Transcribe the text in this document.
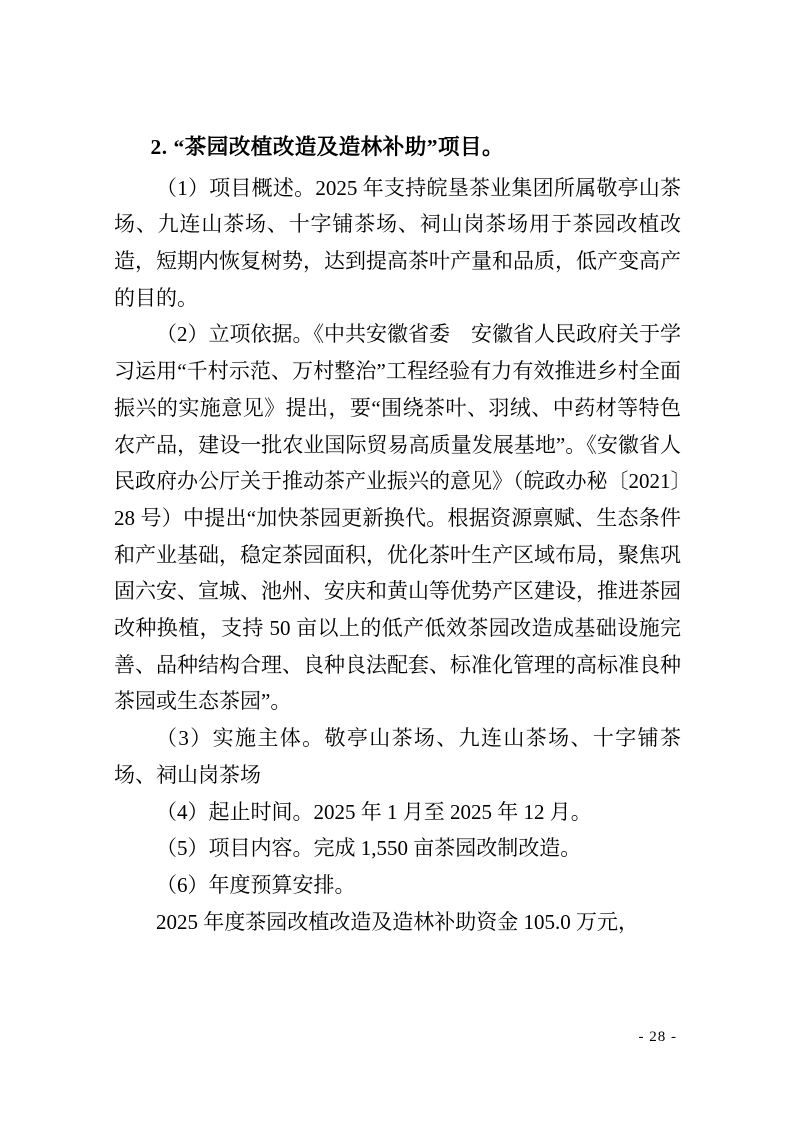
2. “茶园改植改造及造林补助”项目。

（1）项目概述。2025 年支持皖垦茶业集团所属敬亭山茶场、九连山茶场、十字铺茶场、祠山岗茶场用于茶园改植改造，短期内恢复树势，达到提高茶叶产量和品质，低产变高产的目的。

（2）立项依据。《中共安徽省委　安徽省人民政府关于学习运用“千村示范、万村整治”工程经验有力有效推进乡村全面振兴的实施意见》提出，要“围绕茶叶、羽绒、中药材等特色农产品，建设一批农业国际贸易高质量发展基地”。《安徽省人民政府办公厅关于推动茶产业振兴的意见》（皖政办秘〔2021〕28 号）中提出“加快茶园更新换代。根据资源禀赋、生态条件和产业基础，稳定茶园面积，优化茶叶生产区域布局，聚焦巩固六安、宣城、池州、安庆和黄山等优势产区建设，推进茶园改种换植，支持 50 亩以上的低产低效茶园改造成基础设施完善、品种结构合理、良种良法配套、标准化管理的高标准良种茶园或生态茶园”。

（3）实施主体。敬亭山茶场、九连山茶场、十字铺茶场、祠山岗茶场

（4）起止时间。2025 年 1 月至 2025 年 12 月。

（5）项目内容。完成 1,550 亩茶园改制改造。

（6）年度预算安排。

2025 年度茶园改植改造及造林补助资金 105.0 万元，

- 28 -
